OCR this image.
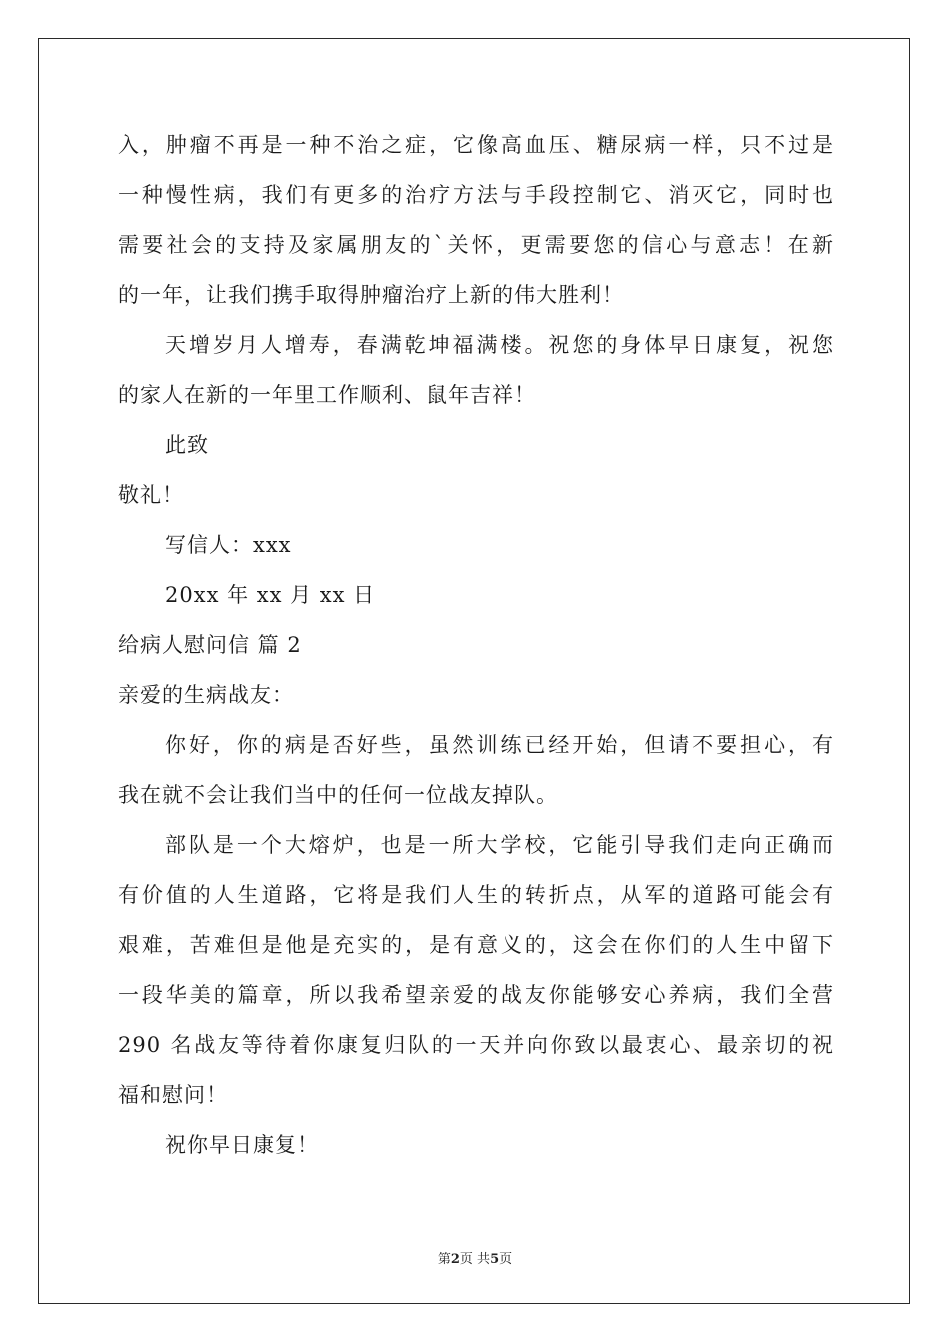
入，肿瘤不再是一种不治之症，它像高血压、糖尿病一样，只不过是
一种慢性病，我们有更多的治疗方法与手段控制它、消灭它，同时也
需要社会的支持及家属朋友的`关怀，更需要您的信心与意志！在新
的一年，让我们携手取得肿瘤治疗上新的伟大胜利！
天增岁月人增寿，春满乾坤福满楼。祝您的身体早日康复，祝您
的家人在新的一年里工作顺利、鼠年吉祥！
此致
敬礼！
写信人：xxx
20xx 年 xx 月 xx 日
给病人慰问信 篇 2
亲爱的生病战友：
你好，你的病是否好些，虽然训练已经开始，但请不要担心，有
我在就不会让我们当中的任何一位战友掉队。
部队是一个大熔炉，也是一所大学校，它能引导我们走向正确而
有价值的人生道路，它将是我们人生的转折点，从军的道路可能会有
艰难，苦难但是他是充实的，是有意义的，这会在你们的人生中留下
一段华美的篇章，所以我希望亲爱的战友你能够安心养病，我们全营
290 名战友等待着你康复归队的一天并向你致以最衷心、最亲切的祝
福和慰问！
祝你早日康复！
第2页 共5页
